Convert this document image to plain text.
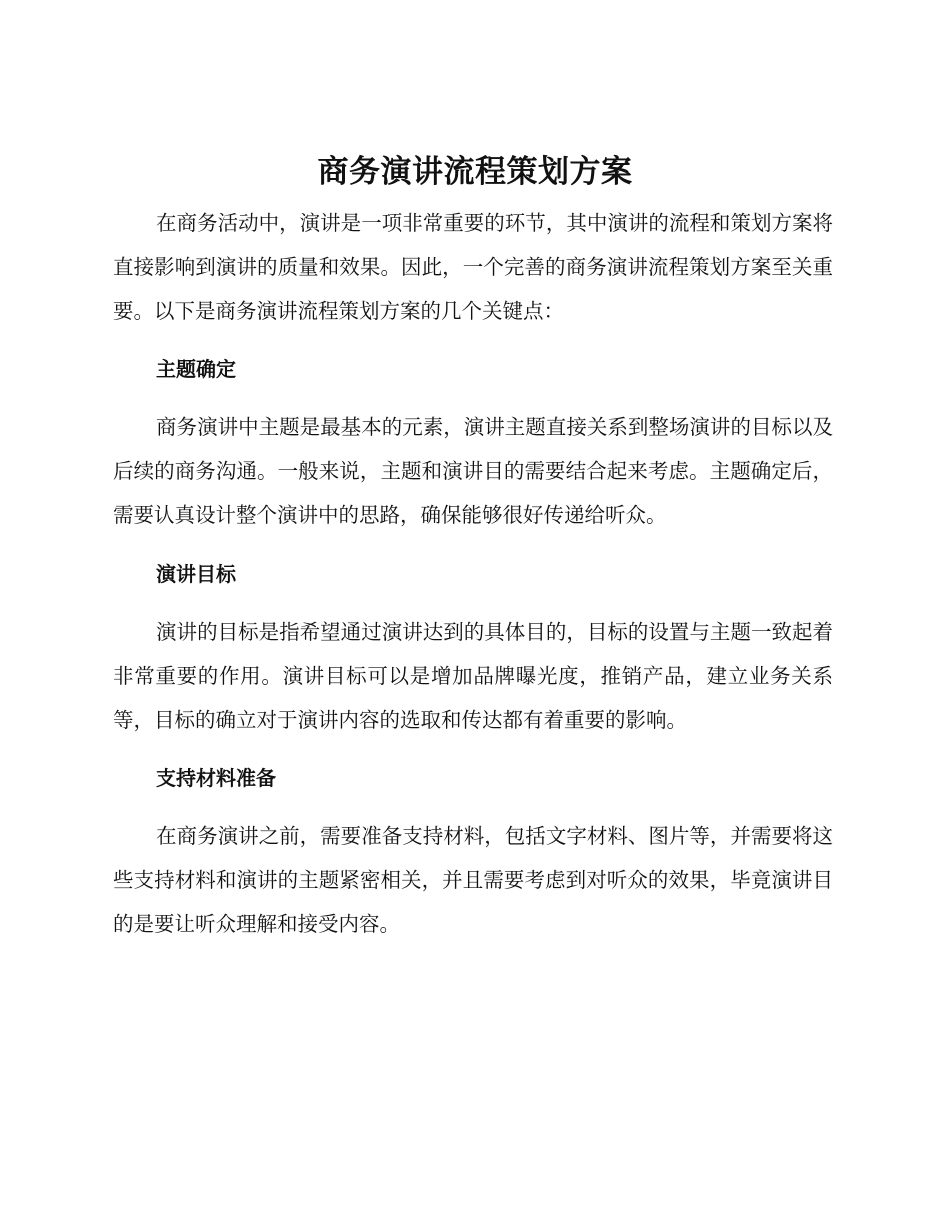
商务演讲流程策划方案

在商务活动中，演讲是一项非常重要的环节，其中演讲的流程和策划方案将直接影响到演讲的质量和效果。因此，一个完善的商务演讲流程策划方案至关重要。以下是商务演讲流程策划方案的几个关键点：

主题确定

商务演讲中主题是最基本的元素，演讲主题直接关系到整场演讲的目标以及后续的商务沟通。一般来说，主题和演讲目的需要结合起来考虑。主题确定后，需要认真设计整个演讲中的思路，确保能够很好传递给听众。

演讲目标

演讲的目标是指希望通过演讲达到的具体目的，目标的设置与主题一致起着非常重要的作用。演讲目标可以是增加品牌曝光度，推销产品，建立业务关系等，目标的确立对于演讲内容的选取和传达都有着重要的影响。

支持材料准备

在商务演讲之前，需要准备支持材料，包括文字材料、图片等，并需要将这些支持材料和演讲的主题紧密相关，并且需要考虑到对听众的效果，毕竟演讲目的是要让听众理解和接受内容。
